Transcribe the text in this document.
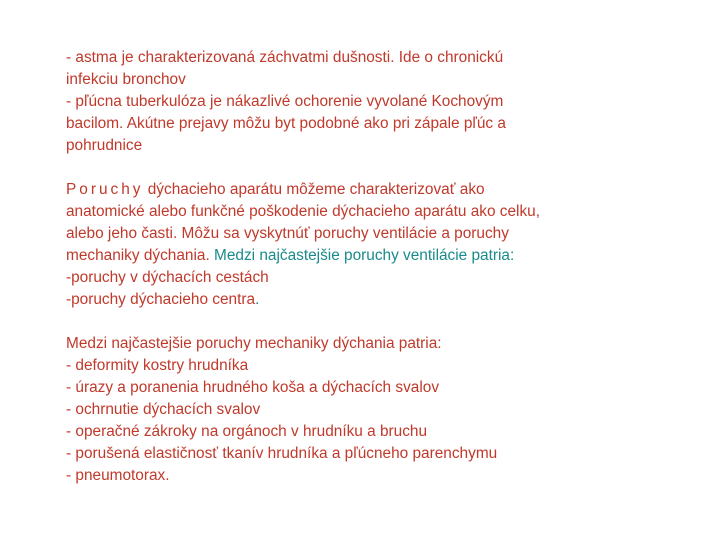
- astma je charakterizovaná záchvatmi dušnosti. Ide o chronickú
infekciu bronchov
- pľúcna tuberkulóza je nákazlivé ochorenie vyvolané Kochovým
bacilom. Akútne prejavy môžu byt podobné ako pri zápale pľúc a
pohrudnice

Poruchy dýchacieho aparátu môžeme charakterizovať ako
anatomické alebo funkčné poškodenie dýchacieho aparátu ako celku,
alebo jeho časti. Môžu sa vyskytnúť poruchy ventilácie a poruchy
mechaniky dýchania. Medzi najčastejšie poruchy ventilácie patria:
-poruchy v dýchacích cestách
-poruchy dýchacieho centra.

Medzi najčastejšie poruchy mechaniky dýchania patria:
- deformity kostry hrudníka
- úrazy a poranenia hrudného koša a dýchacích svalov
- ochrnutie dýchacích svalov
- operačné zákroky na orgánoch v hrudníku a bruchu
- porušená elastičnosť tkanív hrudníka a pľúcneho parenchymu
- pneumotorax.
